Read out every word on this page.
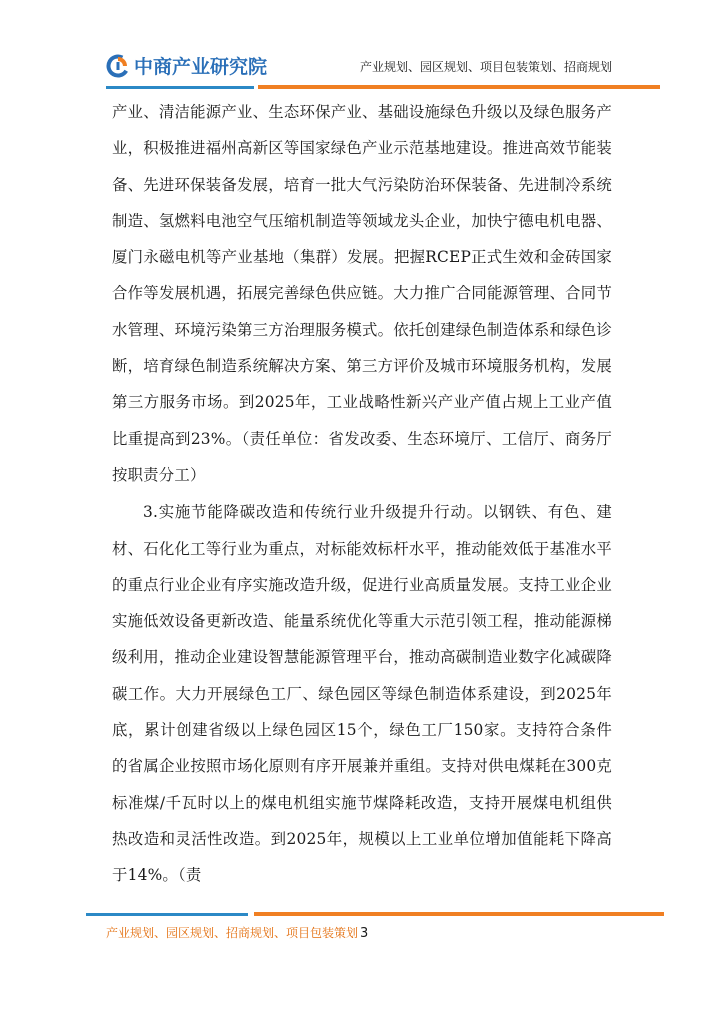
中商产业研究院	产业规划、园区规划、项目包装策划、招商规划

产业、清洁能源产业、生态环保产业、基础设施绿色升级以及绿色服务产业，积极推进福州高新区等国家绿色产业示范基地建设。推进高效节能装备、先进环保装备发展，培育一批大气污染防治环保装备、先进制冷系统制造、氢燃料电池空气压缩机制造等领域龙头企业，加快宁德电机电器、厦门永磁电机等产业基地（集群）发展。把握RCEP正式生效和金砖国家合作等发展机遇，拓展完善绿色供应链。大力推广合同能源管理、合同节水管理、环境污染第三方治理服务模式。依托创建绿色制造体系和绿色诊断，培育绿色制造系统解决方案、第三方评价及城市环境服务机构，发展第三方服务市场。到2025年，工业战略性新兴产业产值占规上工业产值比重提高到23%。（责任单位：省发改委、生态环境厅、工信厅、商务厅按职责分工）

3.实施节能降碳改造和传统行业升级提升行动。以钢铁、有色、建材、石化化工等行业为重点，对标能效标杆水平，推动能效低于基准水平的重点行业企业有序实施改造升级，促进行业高质量发展。支持工业企业实施低效设备更新改造、能量系统优化等重大示范引领工程，推动能源梯级利用，推动企业建设智慧能源管理平台，推动高碳制造业数字化减碳降碳工作。大力开展绿色工厂、绿色园区等绿色制造体系建设，到2025年底，累计创建省级以上绿色园区15个，绿色工厂150家。支持符合条件的省属企业按照市场化原则有序开展兼并重组。支持对供电煤耗在300克标准煤/千瓦时以上的煤电机组实施节煤降耗改造，支持开展煤电机组供热改造和灵活性改造。到2025年，规模以上工业单位增加值能耗下降高于14%。（责

产业规划、园区规划、招商规划、项目包装策划 3
